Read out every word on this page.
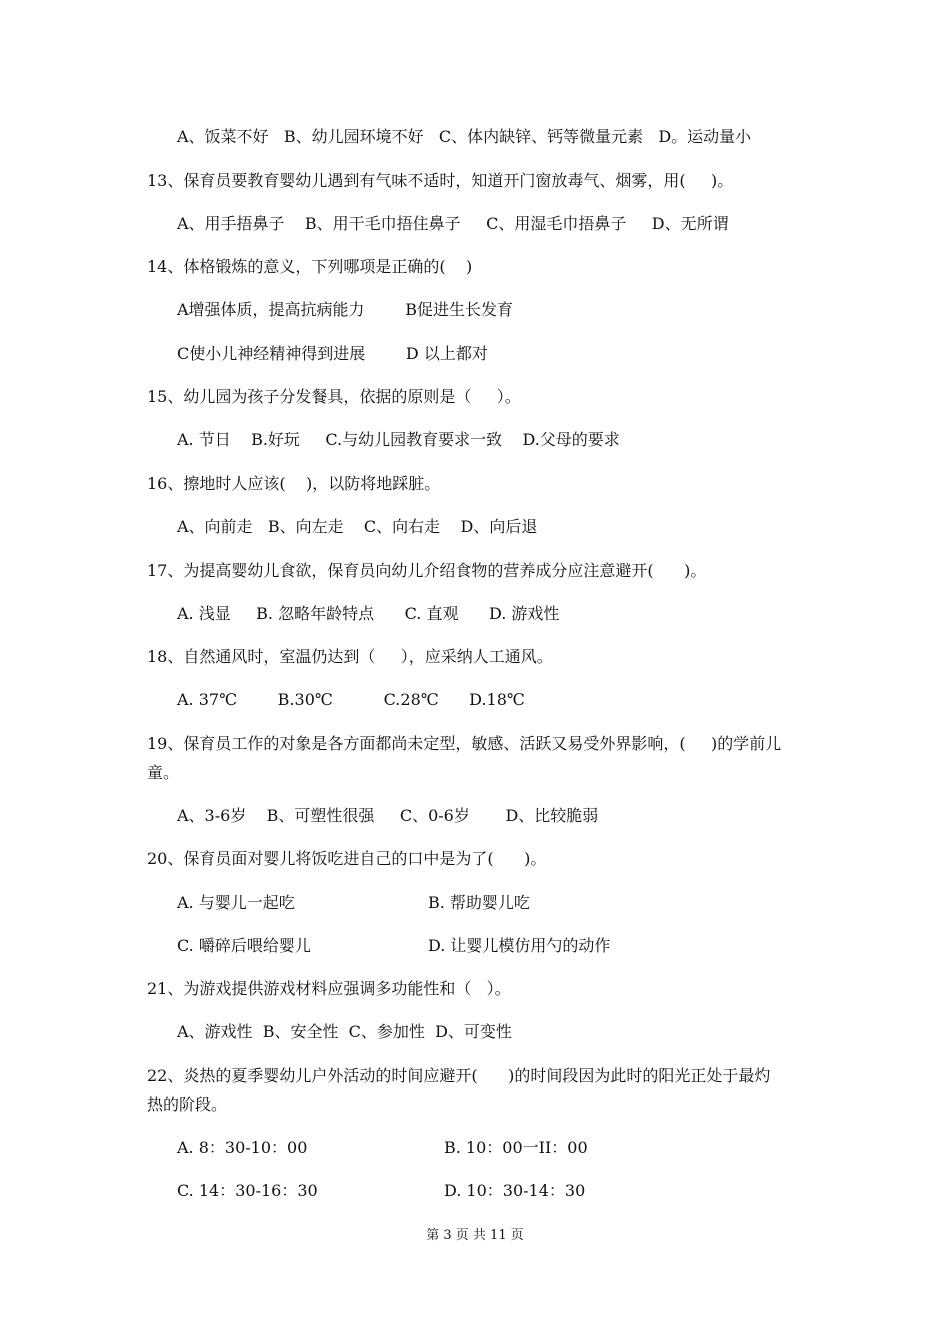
A、饭菜不好   B、幼儿园环境不好   C、体内缺锌、钙等微量元素   D。运动量小
13、保育员要教育婴幼儿遇到有气味不适时，知道开门窗放毒气、烟雾，用(     )。
A、用手捂鼻子    B、用干毛巾捂住鼻子     C、用湿毛巾捂鼻子     D、无所谓
14、体格锻炼的意义，下列哪项是正确的(    )
A增强体质，提高抗病能力        B促进生长发育
C使小儿神经精神得到进展        D 以上都对
15、幼儿园为孩子分发餐具，依据的原则是（     ）。
A. 节日    B.好玩     C.与幼儿园教育要求一致    D.父母的要求
16、擦地时人应该(    )，以防将地踩脏。
A、向前走   B、向左走    C、向右走    D、向后退
17、为提高婴幼儿食欲，保育员向幼儿介绍食物的营养成分应注意避开(      )。
A. 浅显     B. 忽略年龄特点      C. 直观      D. 游戏性
18、自然通风时，室温仍达到（     ），应采纳人工通风。
A. 37℃        B.30℃          C.28℃      D.18℃
19、保育员工作的对象是各方面都尚未定型，敏感、活跃又易受外界影响，(     )的学前儿
童。
A、3-6岁    B、可塑性很强     C、0-6岁       D、比较脆弱
20、保育员面对婴儿将饭吃进自己的口中是为了(      )。
A. 与婴儿一起吃	B. 帮助婴儿吃
C. 嚼碎后喂给婴儿	D. 让婴儿模仿用勺的动作
21、为游戏提供游戏材料应强调多功能性和（   ）。
A、游戏性  B、安全性  C、参加性  D、可变性
22、炎热的夏季婴幼儿户外活动的时间应避开(      )的时间段因为此时的阳光正处于最灼
热的阶段。
A. 8：30-10：00	B. 10：00一II：00
C. 14：30-16：30	D. 10：30-14：30
第 3 页 共 11 页
